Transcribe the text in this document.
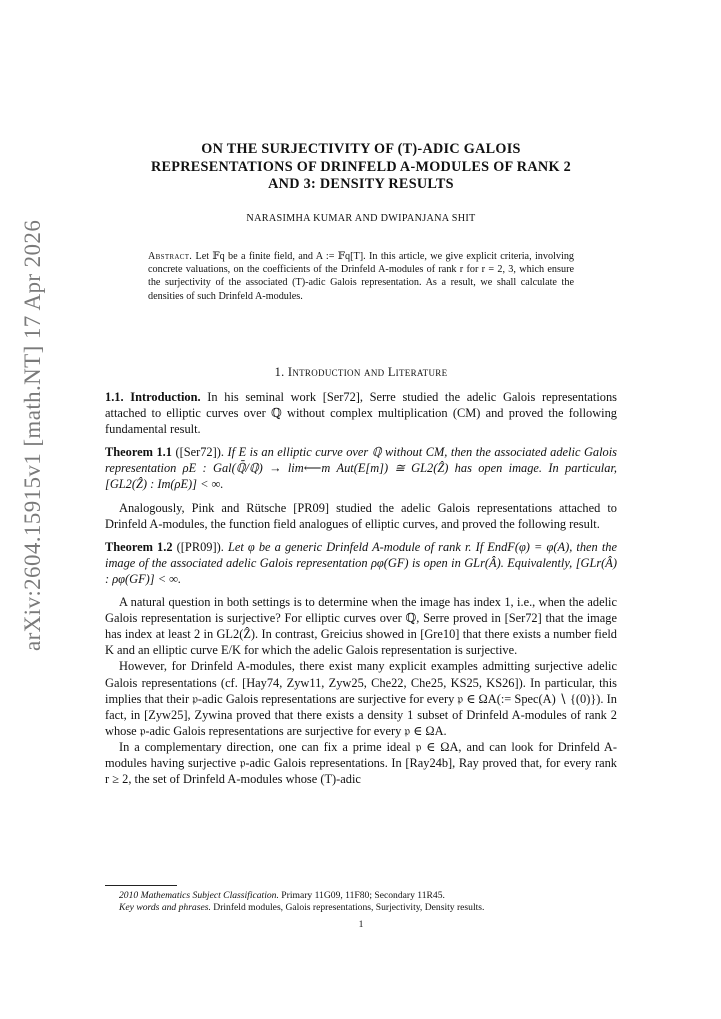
arXiv:2604.15915v1 [math.NT] 17 Apr 2026
ON THE SURJECTIVITY OF (T)-ADIC GALOIS
REPRESENTATIONS OF DRINFELD A-MODULES OF RANK 2
AND 3: DENSITY RESULTS
NARASIMHA KUMAR AND DWIPANJANA SHIT
Abstract. Let 𝔽q be a finite field, and A := 𝔽q[T]. In this article, we give explicit criteria, involving concrete valuations, on the coefficients of the Drinfeld A-modules of rank r for r = 2, 3, which ensure the surjectivity of the associated (T)-adic Galois representation. As a result, we shall calculate the densities of such Drinfeld A-modules.
1. Introduction and Literature

1.1. Introduction. In his seminal work [Ser72], Serre studied the adelic Galois representations attached to elliptic curves over ℚ without complex multiplication (CM) and proved the following fundamental result.

Theorem 1.1 ([Ser72]). If E is an elliptic curve over ℚ without CM, then the associated adelic Galois representation ρE : Gal(ℚ̄/ℚ) → lim⟵m Aut(E[m]) ≅ GL2(Ẑ) has open image. In particular, [GL2(Ẑ) : Im(ρE)] < ∞.

Analogously, Pink and Rütsche [PR09] studied the adelic Galois representations attached to Drinfeld A-modules, the function field analogues of elliptic curves, and proved the following result.

Theorem 1.2 ([PR09]). Let φ be a generic Drinfeld A-module of rank r. If EndF(φ) = φ(A), then the image of the associated adelic Galois representation ρφ(GF) is open in GLr(Â). Equivalently, [GLr(Â) : ρφ(GF)] < ∞.

A natural question in both settings is to determine when the image has index 1, i.e., when the adelic Galois representation is surjective? For elliptic curves over ℚ, Serre proved in [Ser72] that the image has index at least 2 in GL2(Ẑ). In contrast, Greicius showed in [Gre10] that there exists a number field K and an elliptic curve E/K for which the adelic Galois representation is surjective.

However, for Drinfeld A-modules, there exist many explicit examples admitting surjective adelic Galois representations (cf. [Hay74, Zyw11, Zyw25, Che22, Che25, KS25, KS26]). In particular, this implies that their 𝔭-adic Galois representations are surjective for every 𝔭 ∈ ΩA(:= Spec(A) ∖ {(0)}). In fact, in [Zyw25], Zywina proved that there exists a density 1 subset of Drinfeld A-modules of rank 2 whose 𝔭-adic Galois representations are surjective for every 𝔭 ∈ ΩA.

In a complementary direction, one can fix a prime ideal 𝔭 ∈ ΩA, and can look for Drinfeld A-modules having surjective 𝔭-adic Galois representations. In [Ray24b], Ray proved that, for every rank r ≥ 2, the set of Drinfeld A-modules whose (T)-adic

2010 Mathematics Subject Classification. Primary 11G09, 11F80; Secondary 11R45.

Key words and phrases. Drinfeld modules, Galois representations, Surjectivity, Density results.

1
